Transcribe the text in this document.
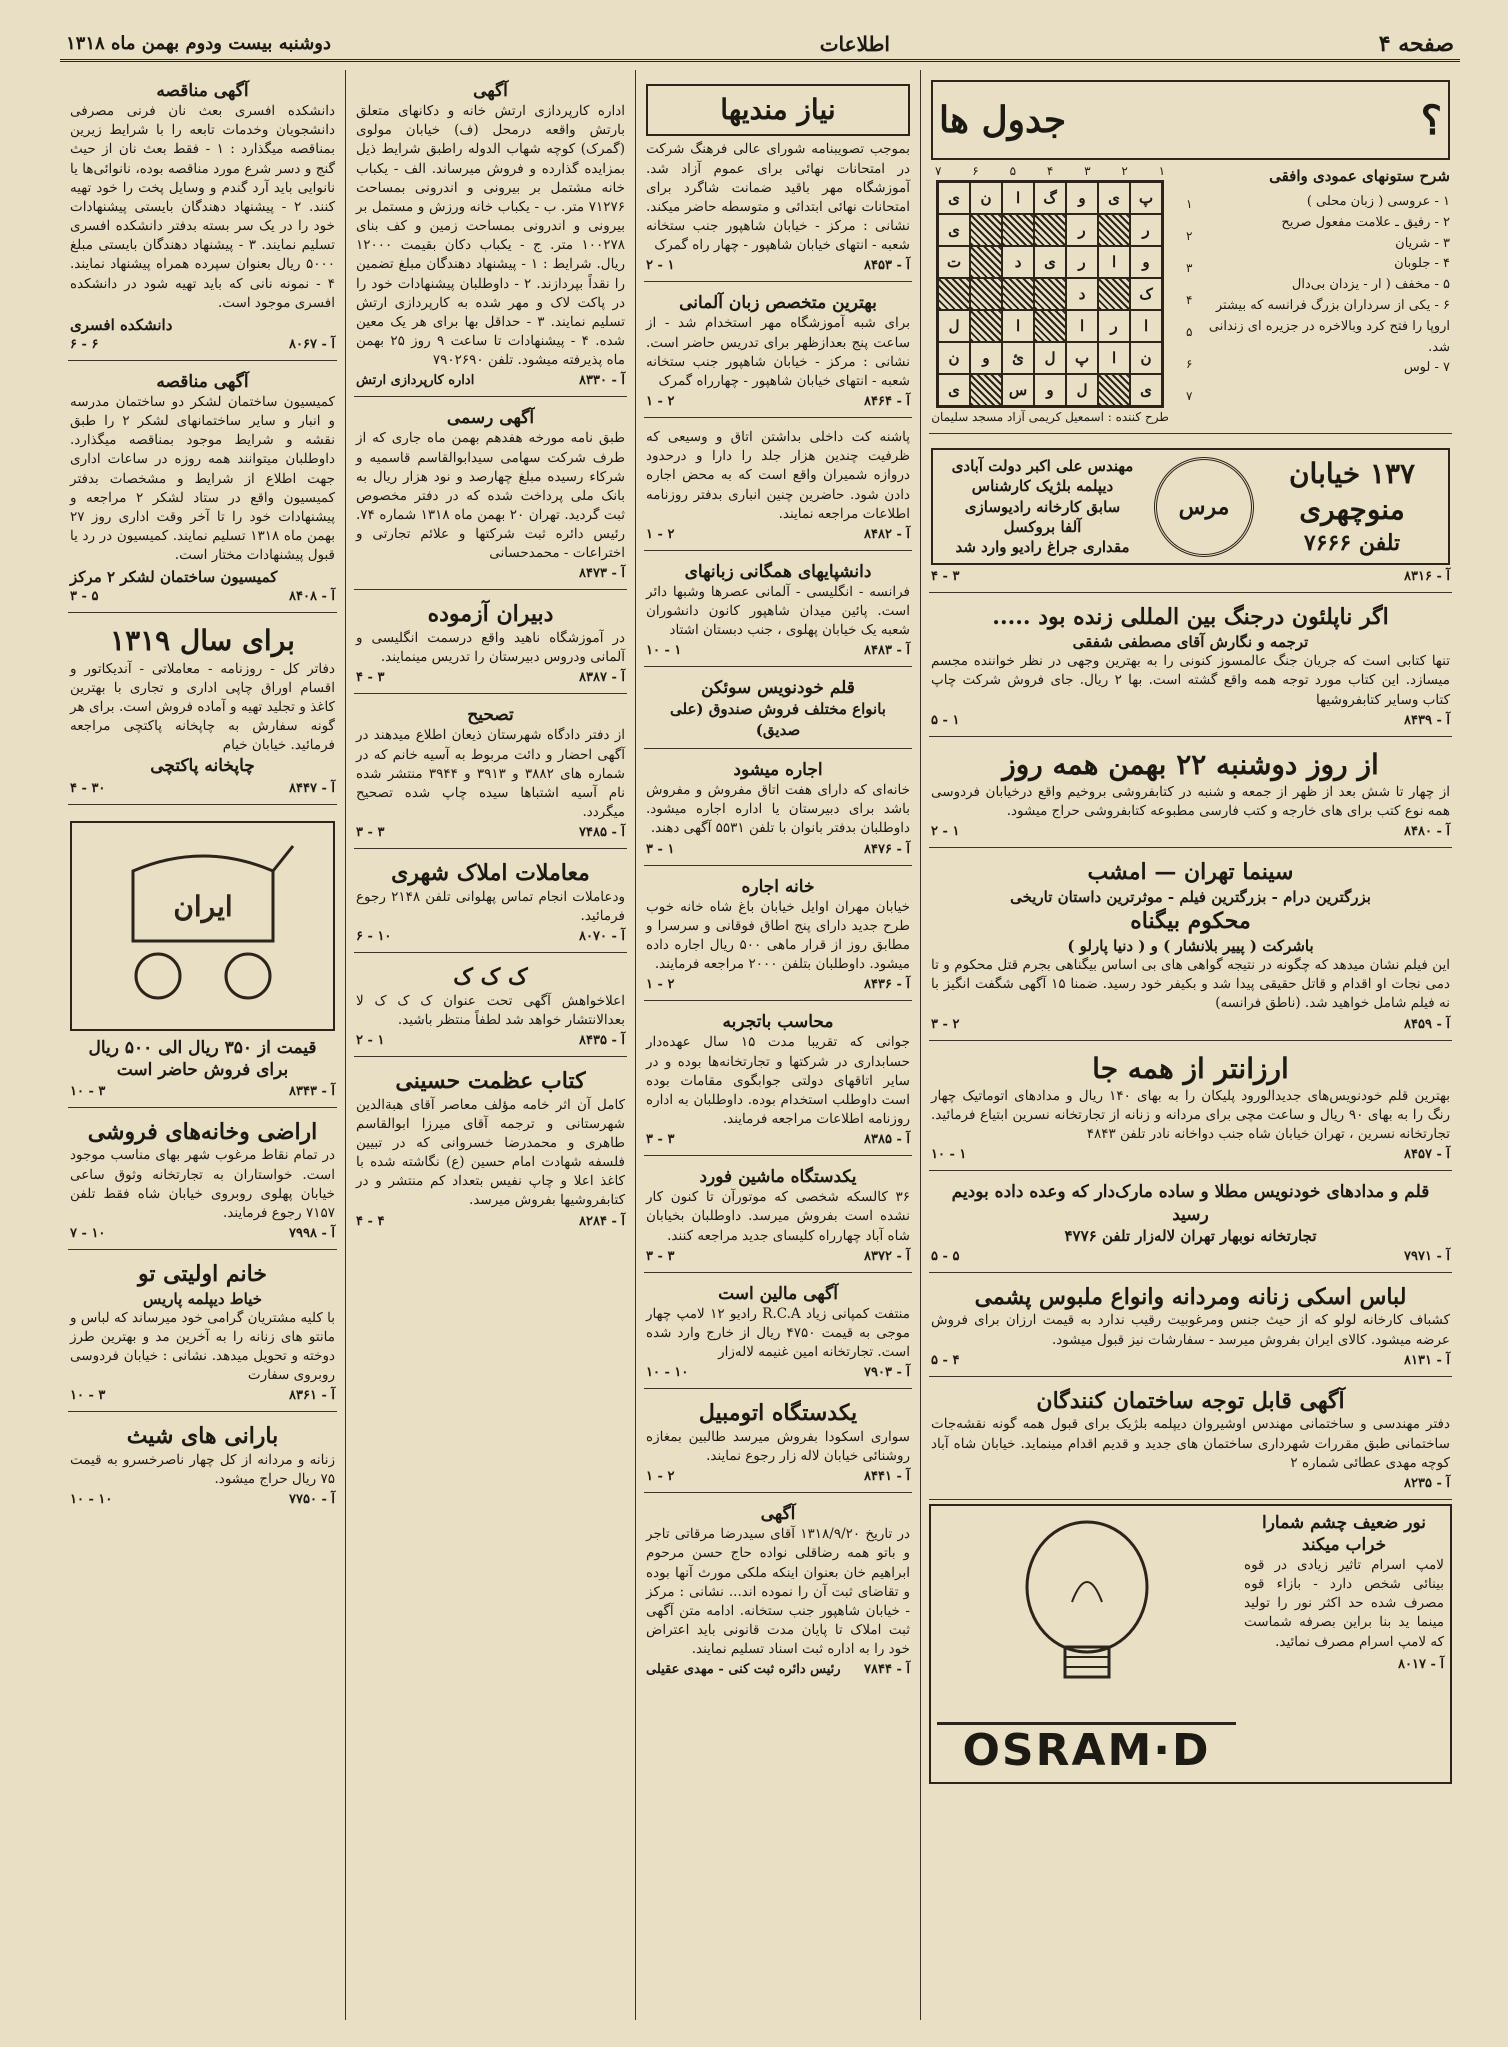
صفحه ۴
اطلاعات
دوشنبه بیست ودوم بهمن ماه ۱۳۱۸
؟
جدول ها
شرح ستونهای عمودی وافقی
۱ - عروسی ( زبان محلی )
۲ - رفیق ـ علامت مفعول صریح
۳ - شریان
۴ - جلوبان
۵ - مخفف ( ار - یزدان بی‌دال
۶ - یکی از سرداران بزرگ فرانسه که بیشتر اروپا را فتح کرد وبالاخره در جزیره ای زندانی شد.
۷ - لوس
۱
۲
۳
۴
۵
۶
۷
۱
۲
۳
۴
۵
۶
۷
پ
ی
و
گ
ا
ن
ی
ر
ر
ی
و
ا
ر
ی
د
ت
ک
د
ا
ر
ا
ا
ل
ن
ا
پ
ل
ئ
و
ن
ی
ل
و
س
ی
طرح کننده : اسمعیل کریمی آزاد مسجد سلیمان
۱۳۷ خیابان منوچهری
تلفن ۷۶۶۶
مرس
مهندس علی اکبر دولت آبادی
دیپلمه بلژیک کارشناس
سابق کارخانه رادیوسازی
آلفا بروکسل
مقداری جراغ رادیو وارد شد
آ - ۸۳۱۶
۳ - ۴
اگر ناپلئون درجنگ بین المللی زنده بود .....
ترجمه و نگارش آقای مصطفی شفقی
تنها کتابی است که جریان جنگ عالمسوز کنونی را به بهترین وجهی در نظر خواننده مجسم میسازد. این کتاب مورد توجه همه واقع گشته است. بها ۲ ریال. جای فروش شرکت چاپ کتاب وسایر کتابفروشیها
آ - ۸۴۳۹
۱ - ۵
از روز دوشنبه ۲۲ بهمن همه روز
از چهار تا شش بعد از ظهر از جمعه و شنبه در کتابفروشی بروخیم واقع درخیابان فردوسی همه نوع کتب برای های خارجه و کتب فارسی مطبوعه کتابفروشی حراج میشود.
آ - ۸۴۸۰
۱ - ۲
سینما تهران — امشب
بزرگترین درام - بزرگترین فیلم - موثرترین داستان تاریخی
محکوم بیگناه
باشرکت ( پییر بلانشار ) و ( دنیا پارلو )
این فیلم نشان میدهد که چگونه در نتیجه گواهی های بی اساس بیگناهی بجرم قتل محکوم و تا دمی نجات او اقدام و قاتل حقیقی پیدا شد و بکیفر خود رسید. ضمنا ۱۵ آگهی شگفت انگیز با نه فیلم شامل خواهید شد. (ناطق فرانسه)
آ - ۸۴۵۹
۲ - ۳
ارزانتر از همه جا
بهترین قلم خودنویس‌های جدیدالورود پلیکان را به بهای ۱۴۰ ریال و مدادهای اتوماتیک چهار رنگ را به بهای ۹۰ ریال و ساعت مچی برای مردانه و زنانه از تجارتخانه نسرین ابتیاع فرمائید. تجارتخانه نسرین ، تهران خیابان شاه جنب دواخانه نادر تلفن ۴۸۴۳
آ - ۸۴۵۷
۱ - ۱۰
قلم و مدادهای خودنویس مطلا و ساده مارک‌دار که وعده داده بودیم رسید
تجارتخانه نوبهار تهران لاله‌زار تلفن ۴۷۷۶
آ - ۷۹۷۱
۵ - ۵
لباس اسکی زنانه ومردانه وانواع ملبوس پشمی
کشباف کارخانه لولو که از حیث جنس ومرغوبیت رقیب ندارد به قیمت ارزان برای فروش عرضه میشود. کالای ایران بفروش میرسد - سفارشات نیز قبول میشود.
آ - ۸۱۳۱
۴ - ۵
آگهی قابل توجه ساختمان کنندگان
دفتر مهندسی و ساختمانی مهندس اوشیروان دیپلمه بلژیک برای قبول همه گونه نقشه‌جات ساختمانی طبق مقررات شهرداری ساختمان های جدید و قدیم اقدام مینماید. خیابان شاه آباد کوچه مهدی عطائی شماره ۲
آ - ۸۲۳۵
نور ضعیف چشم شمارا خراب میکند
لامپ اسرام تاثیر زیادی در قوه بینائی شخص دارد - بازاء قوه مصرف شده حد اکثر نور را تولید مینما ید بنا براین بصرفه شماست که لامپ اسرام مصرف نمائید.
آ - ۸۰۱۷
OSRAM·D
نیاز مندیها
بموجب تصویبنامه شورای عالی فرهنگ شرکت در امتحانات نهائی برای عموم آزاد شد. آموزشگاه مهر باقید ضمانت شاگرد برای امتحانات نهائی ابتدائی و متوسطه حاضر میکند. نشانی : مرکز - خیابان شاهپور جنب ستخانه شعبه - انتهای خیابان شاهپور - چهار راه گمرک
آ - ۸۴۵۳
۱ - ۲
بهترین متخصص زبان آلمانی
برای شبه آموزشگاه مهر استخدام شد - از ساعت پنج بعدازظهر برای تدریس حاضر است. نشانی : مرکز - خیابان شاهپور جنب ستخانه شعبه - انتهای خیابان شاهپور - چهارراه گمرک
آ - ۸۴۶۴
۲ - ۱
پاشنه کت داخلی بداشتن اتاق و وسیعی که ظرفیت چندین هزار جلد را دارا و درحدود دروازه شمیران واقع است که به محض اجاره دادن شود. حاضرین چنین انباری بدفتر روزنامه اطلاعات مراجعه نمایند.
آ - ۸۴۸۲
۲ - ۱
دانشپایهای همگانی زبانهای
فرانسه - انگلیسی - آلمانی عصرها وشبها دائر است. پائین میدان شاهپور کانون دانشوران شعبه یک خیابان پهلوی ، جنب دبستان اشتاد
آ - ۸۴۸۳
۱ - ۱۰
قلم خودنویس سوئکن
بانواع مختلف فروش صندوق (علی صدیق)
اجاره میشود
خانه‌ای که دارای هفت اتاق مفروش و مفروش باشد برای دبیرستان یا اداره اجاره میشود. داوطلبان بدفتر بانوان با تلفن ۵۵۳۱ آگهی دهند.
آ - ۸۴۷۶
۱ - ۳
خانه اجاره
خیابان مهران اوایل خیابان باغ شاه خانه خوب طرح جدید دارای پنج اطاق فوقانی و سرسرا و مطابق روز از قرار ماهی ۵۰۰ ریال اجاره داده میشود. داوطلبان بتلفن ۲۰۰۰ مراجعه فرمایند.
آ - ۸۴۳۶
۲ - ۱
محاسب باتجربه
جوانی که تقریبا مدت ۱۵ سال عهده‌دار حسابداری در شرکتها و تجارتخانه‌ها بوده و در سایر اتاقهای دولتی جوابگوی مقامات بوده است داوطلب استخدام بوده. داوطلبان به اداره روزنامه اطلاعات مراجعه فرمایند.
آ - ۸۳۸۵
۳ - ۳
یکدستگاه ماشین فورد
۳۶ کالسکه شخصی که موتورآن تا کنون کار نشده است بفروش میرسد. داوطلبان بخیابان شاه آباد چهارراه کلیسای جدید مراجعه کنند.
آ - ۸۳۷۲
۳ - ۳
آگهی مالین است
منتفت کمپانی زیاد R.C.A رادیو ۱۲ لامپ چهار موجی به قیمت ۴۷۵۰ ریال از خارج وارد شده است. تجارتخانه امین غنیمه لاله‌زار
آ - ۷۹۰۳
۱۰ - ۱۰
یکدستگاه اتومبیل
سواری اسکودا بفروش میرسد طالبین بمغازه روشنائی خیابان لاله زار رجوع نمایند.
آ - ۸۴۴۱
۲ - ۱
آگهی
در تاریخ ۱۳۱۸/۹/۲۰ آقای سیدرضا مرقاتی تاجر و باتو همه رضاقلی نواده حاج حسن مرحوم ابراهیم خان بعنوان اینکه ملکی مورث آنها بوده و تقاضای ثبت آن را نموده اند... نشانی : مرکز - خیابان شاهپور جنب ستخانه. ادامه متن آگهی ثبت املاک تا پایان مدت قانونی باید اعتراض خود را به اداره ثبت اسناد تسلیم نمایند.
آ - ۷۸۴۴
رئیس دائره ثبت کنی - مهدی عقیلی
آگهی
اداره کارپردازی ارتش خانه و دکانهای متعلق بارتش واقعه درمحل (ف) خیابان مولوی (گمرک) کوچه شهاب الدوله راطبق شرایط ذیل بمزایده گذارده و فروش میرساند. الف - یکباب خانه مشتمل بر بیرونی و اندرونی بمساحت ۷۱۲۷۶ متر. ب - یکباب خانه ورزش و مستمل بر بیرونی و اندرونی بمساحت زمین و کف بنای ۱۰۰۲۷۸ متر. ج - یکباب دکان بقیمت ۱۲۰۰۰ ریال. شرایط : ۱ - پیشنهاد دهندگان مبلغ تضمین را نقداً بپردازند. ۲ - داوطلبان پیشنهادات خود را در پاکت لاک و مهر شده به کارپردازی ارتش تسلیم نمایند. ۳ - حداقل بها برای هر یک معین شده. ۴ - پیشنهادات تا ساعت ۹ روز ۲۵ بهمن ماه پذیرفته میشود. تلفن ۷۹۰۲۶۹۰
آ - ۸۳۳۰
اداره کارپردازی ارتش
آگهی رسمی
طبق نامه مورخه هفدهم بهمن ماه جاری که از طرف شرکت سهامی سیدابوالقاسم قاسمیه و شرکاء رسیده مبلغ چهارصد و نود هزار ریال به بانک ملی پرداخت شده که در دفتر مخصوص ثبت گردید. تهران ۲۰ بهمن ماه ۱۳۱۸ شماره ۷۴. رئیس دائره ثبت شرکتها و علائم تجارتی و اختراعات - محمدحسانی
آ - ۸۴۷۳
دبیران آزموده
در آموزشگاه ناهید واقع درسمت انگلیسی و آلمانی ودروس دبیرستان را تدریس مینمایند.
آ - ۸۳۸۷
۳ - ۴
تصحیح
از دفتر دادگاه شهرستان ذیعان اطلاع میدهند در آگهی احضار و دائت مربوط به آسیه خانم که در شماره های ۳۸۸۲ و ۳۹۱۳ و ۳۹۴۴ منتشر شده نام آسیه اشتباها سیده چاپ شده تصحیح میگردد.
آ - ۷۴۸۵
۳ - ۳
معاملات املاک شهری
ودعاملات انجام تماس پهلوانی تلفن ۲۱۴۸ رجوع فرمائید.
آ - ۸۰۷۰
۱۰ - ۶
ک ک ک
اعلاخواهش آگهی تحت عنوان ک ک ک لا بعدالانتشار خواهد شد لطفاً منتظر باشید.
آ - ۸۴۳۵
۱ - ۲
کتاب عظمت حسینی
کامل آن اثر خامه مؤلف معاصر آقای هبةالدین شهرستانی و ترجمه آقای میرزا ابوالقاسم طاهری و محمدرضا خسروانی که در تبیین فلسفه شهادت امام حسین (ع) نگاشته شده با کاغذ اعلا و چاپ نفیس بتعداد کم منتشر و در کتابفروشیها بفروش میرسد.
آ - ۸۲۸۴
۴ - ۴
آگهی مناقصه
دانشکده افسری بعث نان فرنی مصرفی دانشجویان وخدمات تابعه را با شرایط زیرین بمناقصه میگذارد : ۱ - فقط بعث نان از حیث گنج و دسر شرع مورد مناقصه بوده، نانوائی‌ها یا نانوایی باید آرد گندم و وسایل پخت را خود تهیه کنند. ۲ - پیشنهاد دهندگان بایستی پیشنهادات خود را در یک سر بسته بدفتر دانشکده افسری تسلیم نمایند. ۳ - پیشنهاد دهندگان بایستی مبلغ ۵۰۰۰ ریال بعنوان سپرده همراه پیشنهاد نمایند. ۴ - نمونه نانی که باید تهیه شود در دانشکده افسری موجود است.
دانشکده افسری
آ - ۸۰۶۷
۶ - ۶
آگهی مناقصه
کمیسیون ساختمان لشکر دو ساختمان مدرسه و انبار و سایر ساختمانهای لشکر ۲ را طبق نقشه و شرایط موجود بمناقصه میگذارد. داوطلبان میتوانند همه روزه در ساعات اداری جهت اطلاع از شرایط و مشخصات بدفتر کمیسیون واقع در ستاد لشکر ۲ مراجعه و پیشنهادات خود را تا آخر وقت اداری روز ۲۷ بهمن ماه ۱۳۱۸ تسلیم نمایند. کمیسیون در رد یا قبول پیشنهادات مختار است.
کمیسیون ساختمان لشکر ۲ مرکز
آ - ۸۴۰۸
۵ - ۳
برای سال ۱۳۱۹
دفاتر کل - روزنامه - معاملاتی - آندیکاتور و اقسام اوراق چاپی اداری و تجاری با بهترین کاغذ و تجلید تهیه و آماده فروش است. برای هر گونه سفارش به چاپخانه پاکتچی مراجعه فرمائید. خیابان خیام
چاپخانه پاکتچی
آ - ۸۴۴۷
۳۰ - ۴
ایران
قیمت از ۳۵۰ ریال الی ۵۰۰ ریال برای فروش حاضر است
آ - ۸۳۴۳
۳ - ۱۰
اراضی وخانه‌های فروشی
در تمام نقاط مرغوب شهر بهای مناسب موجود است. خواستاران به تجارتخانه وثوق ساعی خیابان پهلوی روبروی خیابان شاه فقط تلفن ۷۱۵۷ رجوع فرمایند.
آ - ۷۹۹۸
۱۰ - ۷
خانم اولیتی تو
خیاط دیپلمه پاریس
با کلیه مشتریان گرامی خود میرساند که لباس و مانتو های زنانه را به آخرین مد و بهترین طرز دوخته و تحویل میدهد. نشانی : خیابان فردوسی روبروی سفارت
آ - ۸۳۶۱
۳ - ۱۰
بارانی های شیث
زنانه و مردانه از کل چهار ناصرخسرو به قیمت ۷۵ ریال حراج میشود.
آ - ۷۷۵۰
۱۰ - ۱۰
